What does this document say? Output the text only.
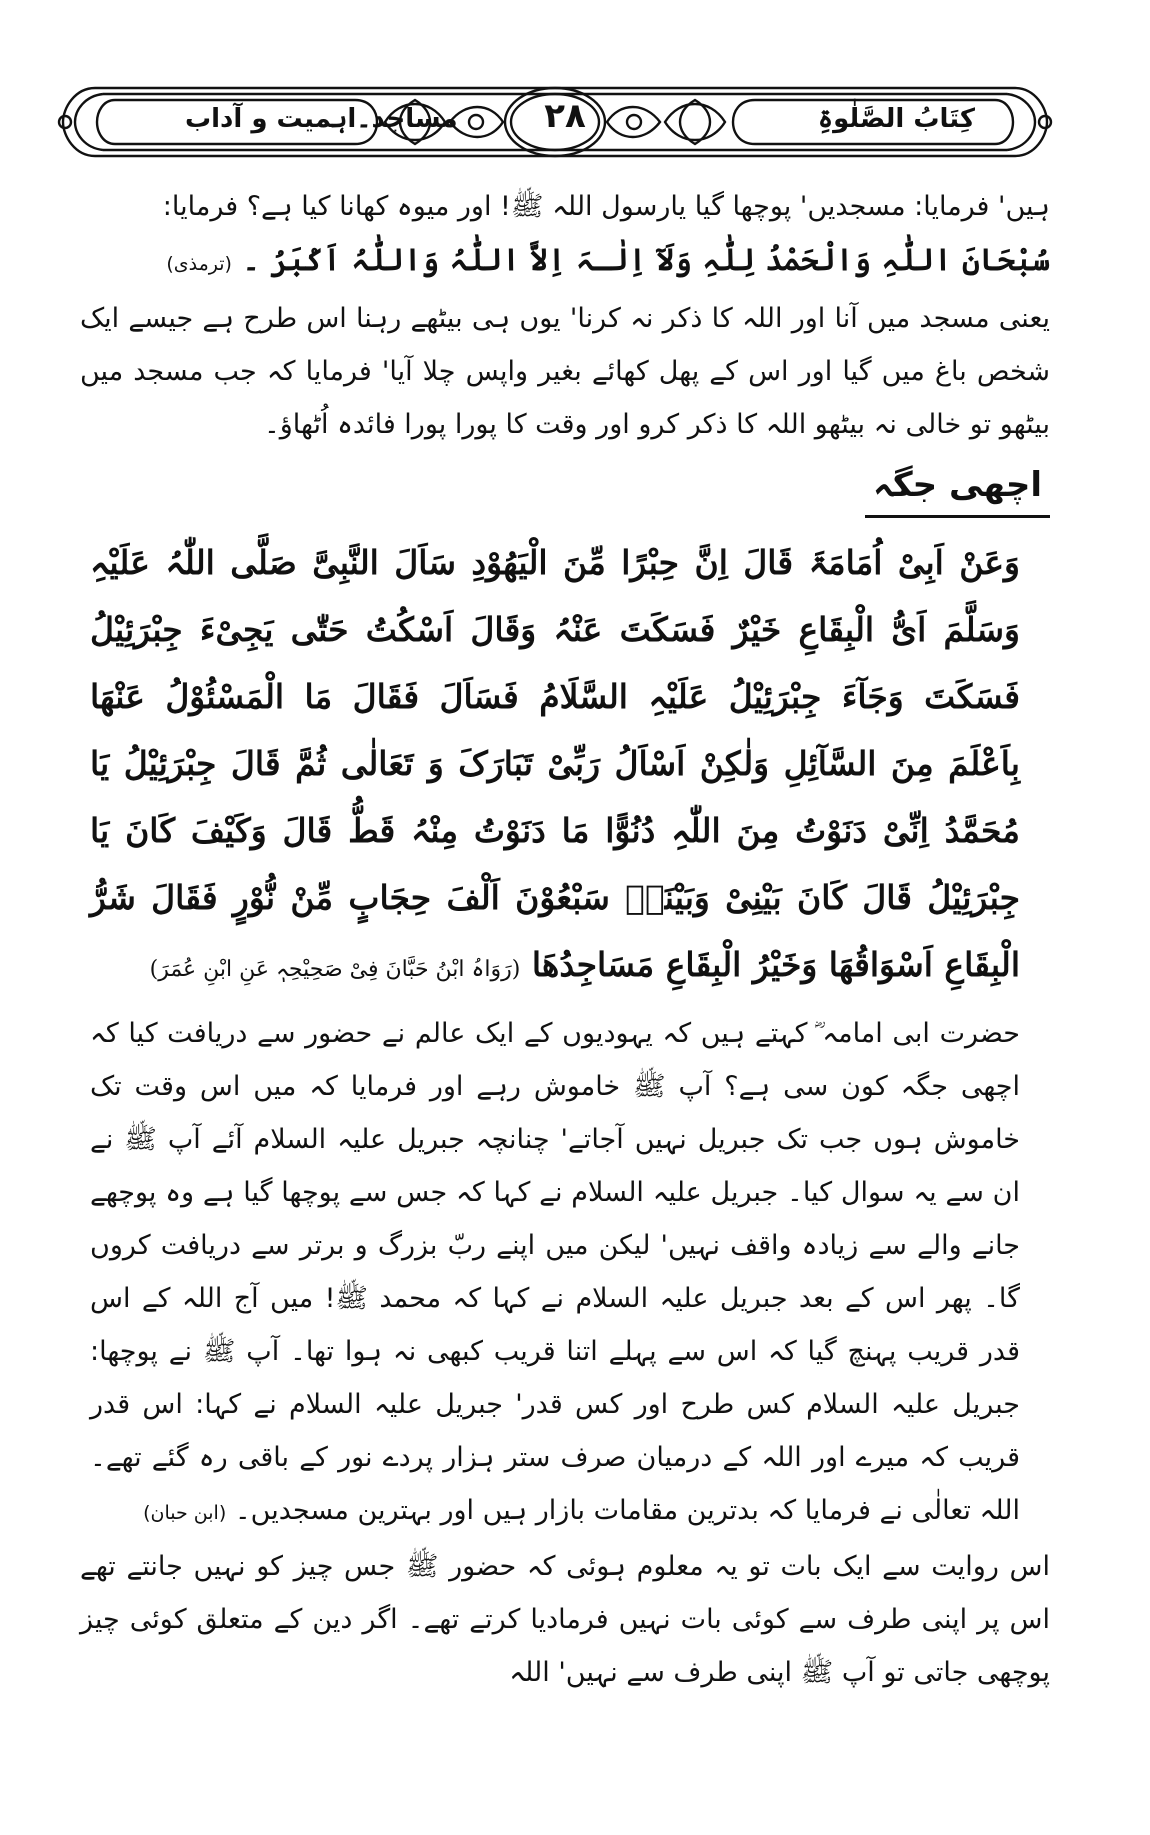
کِتَابُ الصَّلٰوۃِ
۲۸
مساجد۔اہمیت و آداب

ہیں' فرمایا: مسجدیں' پوچھا گیا یارسول اللہ ﷺ! اور میوہ کھانا کیا ہے؟ فرمایا:

سُبْحَانَ اللّٰہِ وَالْحَمْدُ لِلّٰہِ وَلَآ اِلٰـہَ اِلاَّ اللّٰہُ وَاللّٰہُ اَکْبَرُ ۔ (ترمذی)

یعنی مسجد میں آنا اور اللہ کا ذکر نہ کرنا' یوں ہی بیٹھے رہنا اس طرح ہے جیسے ایک شخص باغ میں گیا اور اس کے پھل کھائے بغیر واپس چلا آیا' فرمایا کہ جب مسجد میں بیٹھو تو خالی نہ بیٹھو اللہ کا ذکر کرو اور وقت کا پورا پورا فائدہ اُٹھاؤ۔

اچھی جگہ

وَعَنْ اَبِیْ اُمَامَۃَ قَالَ اِنَّ حِبْرًا مِّنَ الْیَهُوْدِ سَاَلَ النَّبِیَّ صَلَّی اللّٰہُ عَلَیْہِ وَسَلَّمَ اَیُّ الْبِقَاعِ خَیْرٌ فَسَکَتَ عَنْہُ وَقَالَ اَسْکُتُ حَتّٰی یَجِیْءَ جِبْرَئِیْلُ فَسَکَتَ وَجَآءَ جِبْرَئِیْلُ عَلَیْہِ السَّلَامُ فَسَاَلَ فَقَالَ مَا الْمَسْئُوْلُ عَنْھَا بِاَعْلَمَ مِنَ السَّآئِلِ وَلٰکِنْ اَسْاَلُ رَبِّیْ تَبَارَکَ وَ تَعَالٰی ثُمَّ قَالَ جِبْرَئِیْلُ یَا مُحَمَّدُ اِنِّیْ دَنَوْتُ مِنَ اللّٰہِ دُنُوًّا مَا دَنَوْتُ مِنْہُ قَطُّ قَالَ وَکَیْفَ کَانَ یَا جِبْرَئِیْلُ قَالَ کَانَ بَیْنِیْ وَبَیْنَہٗ سَبْعُوْنَ اَلْفَ حِجَابٍ مِّنْ نُّوْرٍ فَقَالَ شَرُّ الْبِقَاعِ اَسْوَاقُھَا وَخَیْرُ الْبِقَاعِ مَسَاجِدُھَا (رَوَاہُ ابْنُ حَبَّانَ فِیْ صَحِیْحِہٖ عَنِ ابْنِ عُمَرَ)

حضرت ابی امامہ ؓ کہتے ہیں کہ یہودیوں کے ایک عالم نے حضور سے دریافت کیا کہ اچھی جگہ کون سی ہے؟ آپ ﷺ خاموش رہے اور فرمایا کہ میں اس وقت تک خاموش ہوں جب تک جبریل نہیں آجاتے' چنانچہ جبریل علیہ السلام آئے آپ ﷺ نے ان سے یہ سوال کیا۔ جبریل علیہ السلام نے کہا کہ جس سے پوچھا گیا ہے وہ پوچھے جانے والے سے زیادہ واقف نہیں' لیکن میں اپنے ربّ بزرگ و برتر سے دریافت کروں گا۔ پھر اس کے بعد جبریل علیہ السلام نے کہا کہ محمد ﷺ! میں آج اللہ کے اس قدر قریب پہنچ گیا کہ اس سے پہلے اتنا قریب کبھی نہ ہوا تھا۔ آپ ﷺ نے پوچھا: جبریل علیہ السلام کس طرح اور کس قدر' جبریل علیہ السلام نے کہا: اس قدر قریب کہ میرے اور اللہ کے درمیان صرف ستر ہزار پردے نور کے باقی رہ گئے تھے۔ اللہ تعالٰی نے فرمایا کہ بدترین مقامات بازار ہیں اور بہترین مسجدیں۔ (ابن حبان)

اس روایت سے ایک بات تو یہ معلوم ہوئی کہ حضور ﷺ جس چیز کو نہیں جانتے تھے اس پر اپنی طرف سے کوئی بات نہیں فرمادیا کرتے تھے۔ اگر دین کے متعلق کوئی چیز پوچھی جاتی تو آپ ﷺ اپنی طرف سے نہیں' اللہ
